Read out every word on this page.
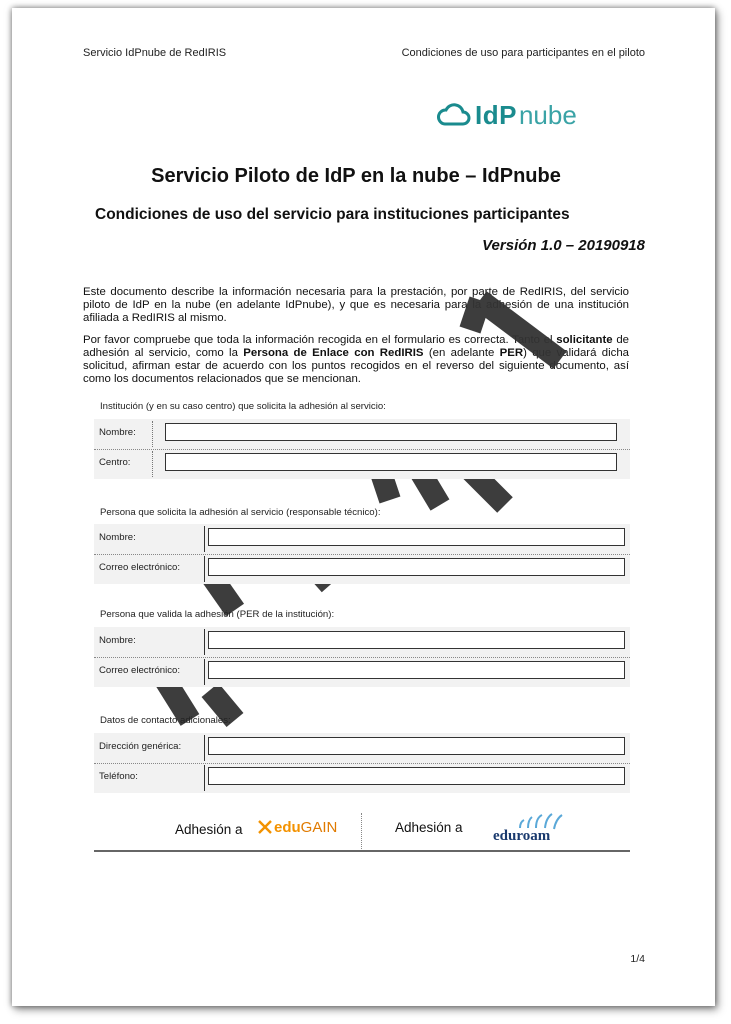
Servicio IdPnube de RedIRIS	Condiciones de uso para participantes en el piloto
IdP nube
Servicio Piloto de IdP en la nube – IdPnube
Condiciones de uso del servicio para instituciones participantes
Versión 1.0 – 20190918
Este documento describe la información necesaria para la prestación, por parte de RedIRIS, del servicio piloto de IdP en la nube (en adelante IdPnube), y que es necesaria para la adhesión de una institución afiliada a RedIRIS al mismo.
Por favor compruebe que toda la información recogida en el formulario es correcta. Tanto el solicitante de adhesión al servicio, como la Persona de Enlace con RedIRIS (en adelante PER) que validará dicha solicitud, afirman estar de acuerdo con los puntos recogidos en el reverso del siguiente documento, así como los documentos relacionados que se mencionan.
Institución (y en su caso centro) que solicita la adhesión al servicio:
Nombre:
Centro:
Persona que solicita la adhesión al servicio (responsable técnico):
Nombre:
Correo electrónico:
Persona que valida la adhesión (PER de la institución):
Nombre:
Correo electrónico:
Datos de contacto adicionales:
Dirección genérica:
Teléfono:
Adhesión a edu GAIN	Adhesión a
eduroam
1/4
